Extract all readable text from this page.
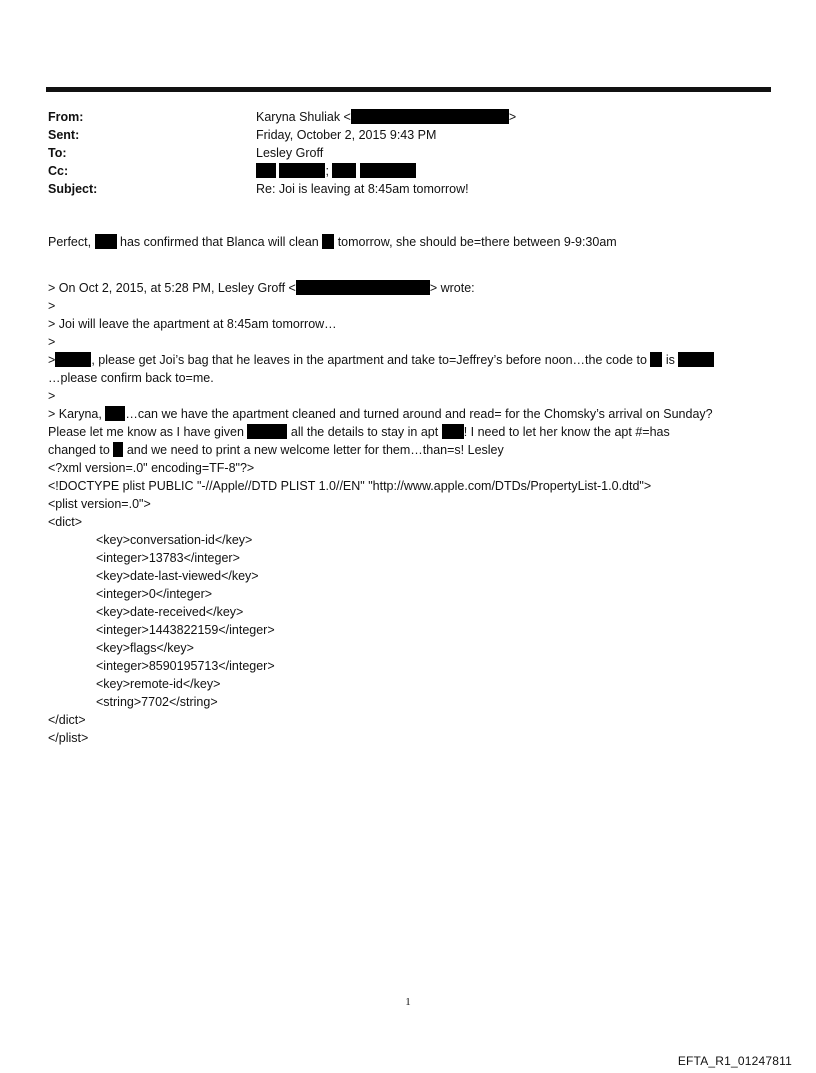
From:	Karyna Shuliak <	>
Sent:	Friday, October 2, 2015 9:43 PM
To:	Lesley Groff
Cc:	;
Subject:	Re: Joi is leaving at 8:45am tomorrow!
Perfect,  has confirmed that Blanca will clean  tomorrow, she should be=there between 9-9:30am
> On Oct 2, 2015, at 5:28 PM, Lesley Groff <	> wrote:
>
> Joi will leave the apartment at 8:45am tomorrow…
>
>	, please get Joi’s bag that he leaves in the apartment and take to=Jeffrey’s before noon…the code to  is
…please confirm back to=me.
>
> Karyna, …can we have the apartment cleaned and turned around and read= for the Chomsky’s arrival on Sunday?
Please let me know as I have given	all the details to stay in apt ! I need to let her know the apt #=has
changed to  and we need to print a new welcome letter for them…than=s! Lesley
<?xml version=.0" encoding=TF-8"?>
<!DOCTYPE plist PUBLIC "-//Apple//DTD PLIST 1.0//EN" "http://www.apple.com/DTDs/PropertyList-1.0.dtd">
<plist version=.0">
<dict>
<key>conversation-id</key>
<integer>13783</integer>
<key>date-last-viewed</key>
<integer>0</integer>
<key>date-received</key>
<integer>1443822159</integer>
<key>flags</key>
<integer>8590195713</integer>
<key>remote-id</key>
<string>7702</string>
</dict>
</plist>
1
EFTA_R1_01247811
